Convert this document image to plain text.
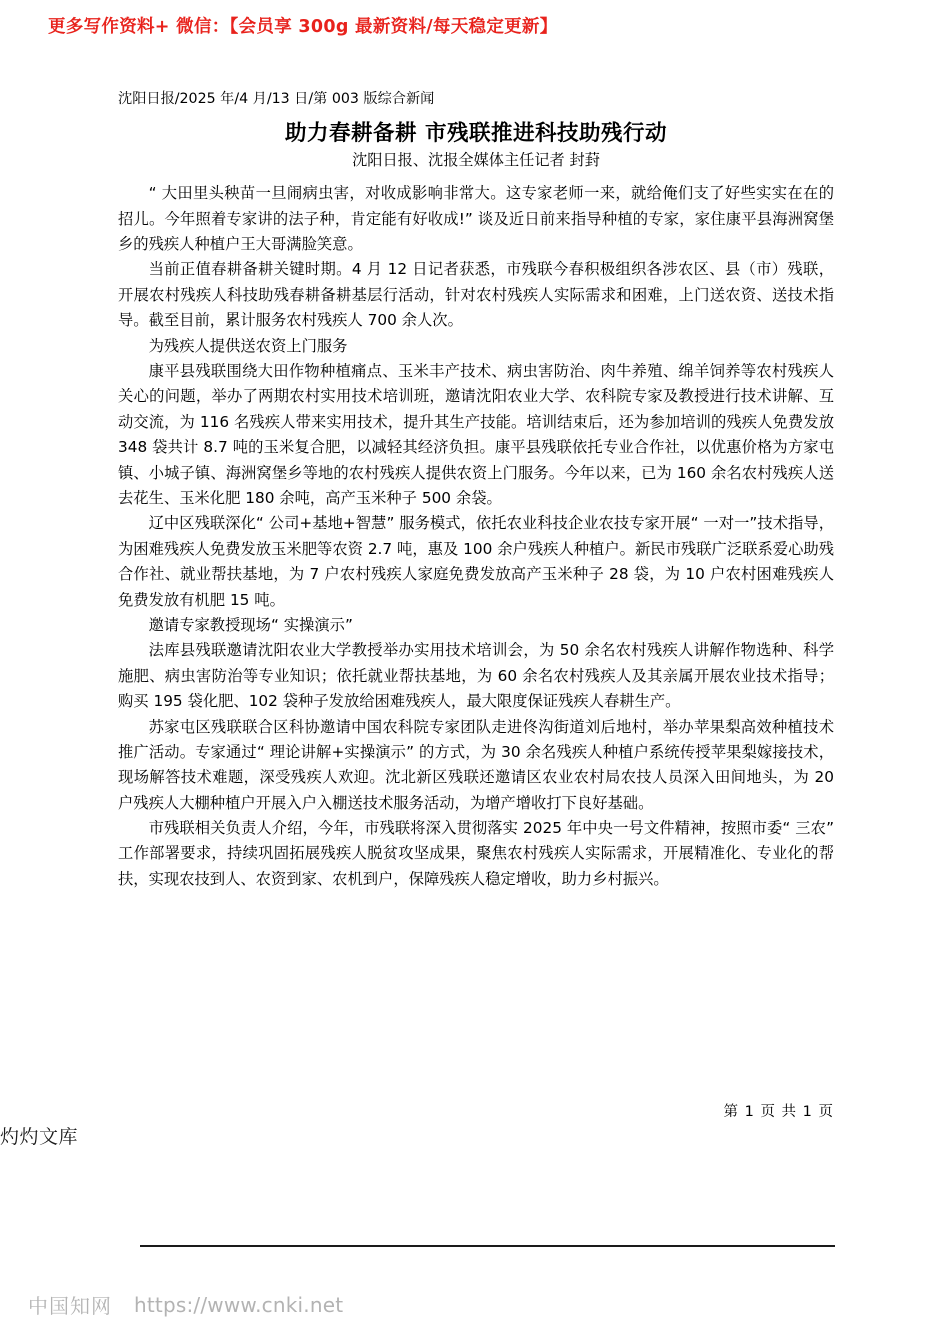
更多写作资料+ 微信：【会员享 300g 最新资料/每天稳定更新】
沈阳日报/2025 年/4 月/13 日/第 003 版综合新闻
助力春耕备耕 市残联推进科技助残行动
沈阳日报、沈报全媒体主任记者 封葑

“ 大田里头秧苗一旦闹病虫害，对收成影响非常大。这专家老师一来，就给俺们支了好些实实在在的招儿。今年照着专家讲的法子种，肯定能有好收成!” 谈及近日前来指导种植的专家，家住康平县海洲窝堡乡的残疾人种植户王大哥满脸笑意。

当前正值春耕备耕关键时期。4 月 12 日记者获悉，市残联今春积极组织各涉农区、县（市）残联，开展农村残疾人科技助残春耕备耕基层行活动，针对农村残疾人实际需求和困难，上门送农资、送技术指导。截至目前，累计服务农村残疾人 700 余人次。

为残疾人提供送农资上门服务

康平县残联围绕大田作物种植痛点、玉米丰产技术、病虫害防治、肉牛养殖、绵羊饲养等农村残疾人关心的问题，举办了两期农村实用技术培训班，邀请沈阳农业大学、农科院专家及教授进行技术讲解、互动交流，为 116 名残疾人带来实用技术，提升其生产技能。培训结束后，还为参加培训的残疾人免费发放 348 袋共计 8.7 吨的玉米复合肥，以减轻其经济负担。康平县残联依托专业合作社，以优惠价格为方家屯镇、小城子镇、海洲窝堡乡等地的农村残疾人提供农资上门服务。今年以来，已为 160 余名农村残疾人送去花生、玉米化肥 180 余吨，高产玉米种子 500 余袋。

辽中区残联深化“ 公司+基地+智慧” 服务模式，依托农业科技企业农技专家开展“ 一对一”技术指导，为困难残疾人免费发放玉米肥等农资 2.7 吨，惠及 100 余户残疾人种植户。新民市残联广泛联系爱心助残合作社、就业帮扶基地，为 7 户农村残疾人家庭免费发放高产玉米种子 28 袋，为 10 户农村困难残疾人免费发放有机肥 15 吨。

邀请专家教授现场“ 实操演示”

法库县残联邀请沈阳农业大学教授举办实用技术培训会，为 50 余名农村残疾人讲解作物选种、科学施肥、病虫害防治等专业知识；依托就业帮扶基地，为 60 余名农村残疾人及其亲属开展农业技术指导；购买 195 袋化肥、102 袋种子发放给困难残疾人，最大限度保证残疾人春耕生产。

苏家屯区残联联合区科协邀请中国农科院专家团队走进佟沟街道刘后地村，举办苹果梨高效种植技术推广活动。专家通过“ 理论讲解+实操演示” 的方式，为 30 余名残疾人种植户系统传授苹果梨嫁接技术，现场解答技术难题，深受残疾人欢迎。沈北新区残联还邀请区农业农村局农技人员深入田间地头，为 20 户残疾人大棚种植户开展入户入棚送技术服务活动，为增产增收打下良好基础。

市残联相关负责人介绍，今年，市残联将深入贯彻落实 2025 年中央一号文件精神，按照市委“ 三农” 工作部署要求，持续巩固拓展残疾人脱贫攻坚成果，聚焦农村残疾人实际需求，开展精准化、专业化的帮扶，实现农技到人、农资到家、农机到户，保障残疾人稳定增收，助力乡村振兴。

第 1 页 共 1 页
灼灼文库
中国知网 https://www.cnki.net
